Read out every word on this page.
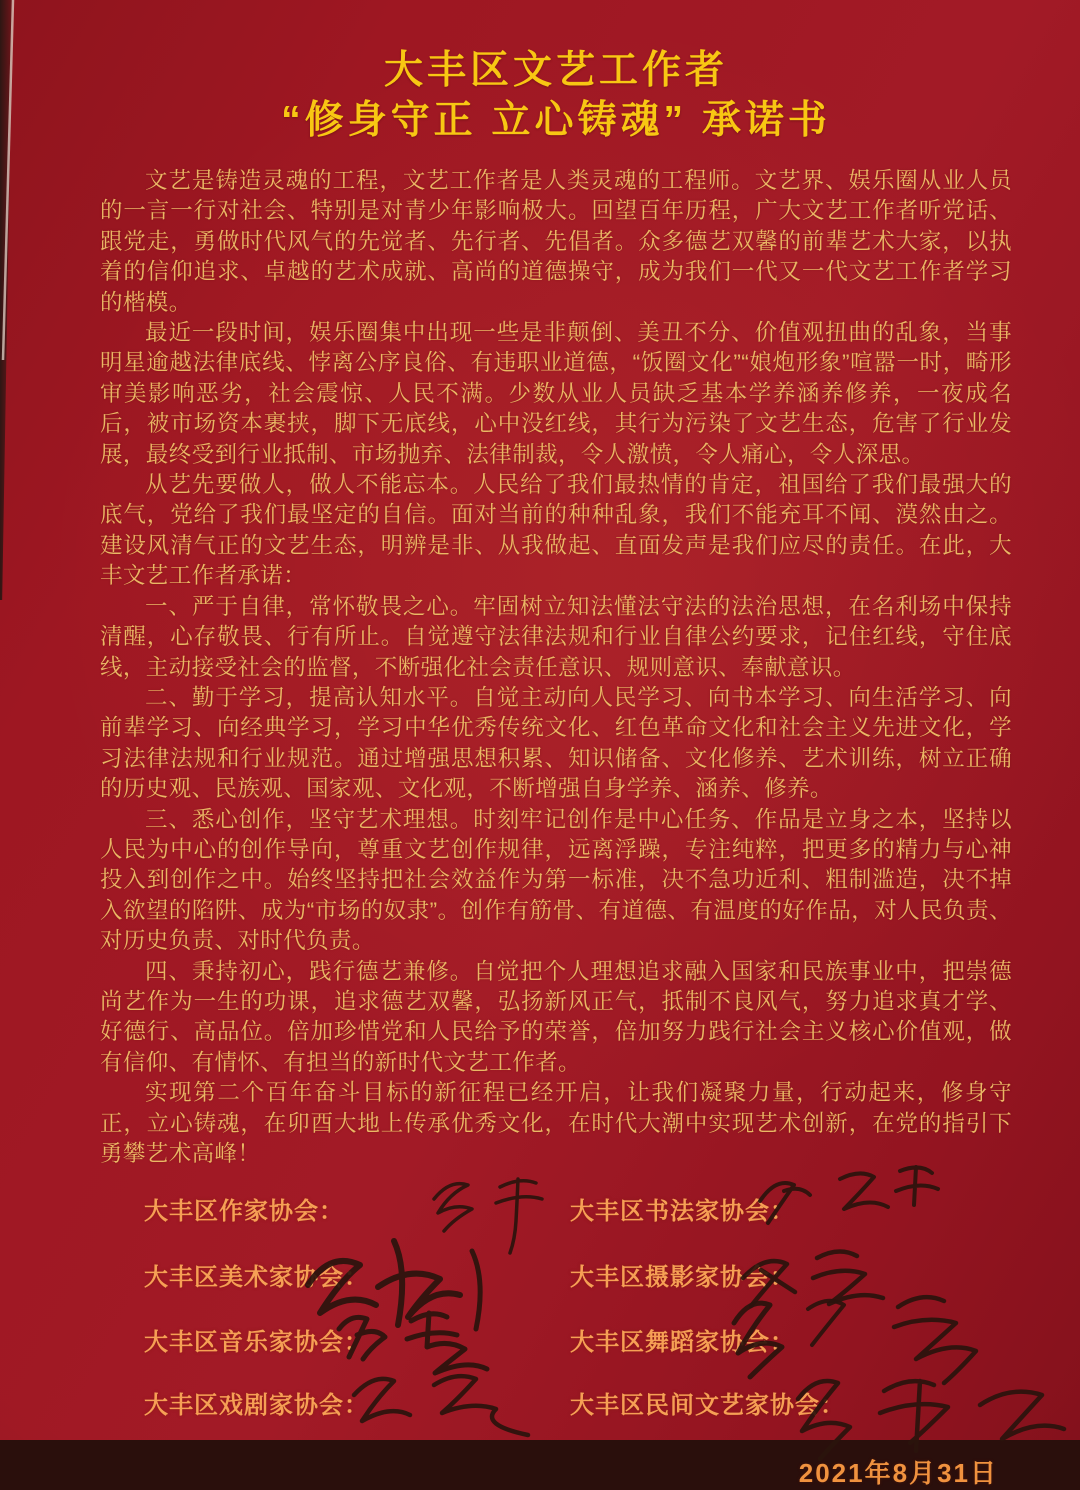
大丰区文艺工作者
“修身守正 立心铸魂” 承诺书

文艺是铸造灵魂的工程，文艺工作者是人类灵魂的工程师。文艺界、娱乐圈从业人员的一言一行对社会、特别是对青少年影响极大。回望百年历程，广大文艺工作者听党话、跟党走，勇做时代风气的先觉者、先行者、先倡者。众多德艺双馨的前辈艺术大家，以执着的信仰追求、卓越的艺术成就、高尚的道德操守，成为我们一代又一代文艺工作者学习的楷模。

最近一段时间，娱乐圈集中出现一些是非颠倒、美丑不分、价值观扭曲的乱象，当事明星逾越法律底线、悖离公序良俗、有违职业道德，“饭圈文化”“娘炮形象”喧嚣一时，畸形审美影响恶劣，社会震惊、人民不满。少数从业人员缺乏基本学养涵养修养，一夜成名后，被市场资本裹挟，脚下无底线，心中没红线，其行为污染了文艺生态，危害了行业发展，最终受到行业抵制、市场抛弃、法律制裁，令人激愤，令人痛心，令人深思。

从艺先要做人，做人不能忘本。人民给了我们最热情的肯定，祖国给了我们最强大的底气，党给了我们最坚定的自信。面对当前的种种乱象，我们不能充耳不闻、漠然由之。建设风清气正的文艺生态，明辨是非、从我做起、直面发声是我们应尽的责任。在此，大丰文艺工作者承诺：

一、严于自律，常怀敬畏之心。牢固树立知法懂法守法的法治思想，在名利场中保持清醒，心存敬畏、行有所止。自觉遵守法律法规和行业自律公约要求，记住红线，守住底线，主动接受社会的监督，不断强化社会责任意识、规则意识、奉献意识。

二、勤于学习，提高认知水平。自觉主动向人民学习、向书本学习、向生活学习、向前辈学习、向经典学习，学习中华优秀传统文化、红色革命文化和社会主义先进文化，学习法律法规和行业规范。通过增强思想积累、知识储备、文化修养、艺术训练，树立正确的历史观、民族观、国家观、文化观，不断增强自身学养、涵养、修养。

三、悉心创作，坚守艺术理想。时刻牢记创作是中心任务、作品是立身之本，坚持以人民为中心的创作导向，尊重文艺创作规律，远离浮躁，专注纯粹，把更多的精力与心神投入到创作之中。始终坚持把社会效益作为第一标准，决不急功近利、粗制滥造，决不掉入欲望的陷阱、成为“市场的奴隶”。创作有筋骨、有道德、有温度的好作品，对人民负责、对历史负责、对时代负责。

四、秉持初心，践行德艺兼修。自觉把个人理想追求融入国家和民族事业中，把崇德尚艺作为一生的功课，追求德艺双馨，弘扬新风正气，抵制不良风气，努力追求真才学、好德行、高品位。倍加珍惜党和人民给予的荣誉，倍加努力践行社会主义核心价值观，做有信仰、有情怀、有担当的新时代文艺工作者。

实现第二个百年奋斗目标的新征程已经开启，让我们凝聚力量，行动起来，修身守正，立心铸魂，在卯酉大地上传承优秀文化，在时代大潮中实现艺术创新，在党的指引下勇攀艺术高峰！

大丰区作家协会：
大丰区美术家协会：
大丰区音乐家协会：
大丰区戏剧家协会：
大丰区书法家协会：
大丰区摄影家协会：
大丰区舞蹈家协会：
大丰区民间文艺家协会：
2021年8月31日
